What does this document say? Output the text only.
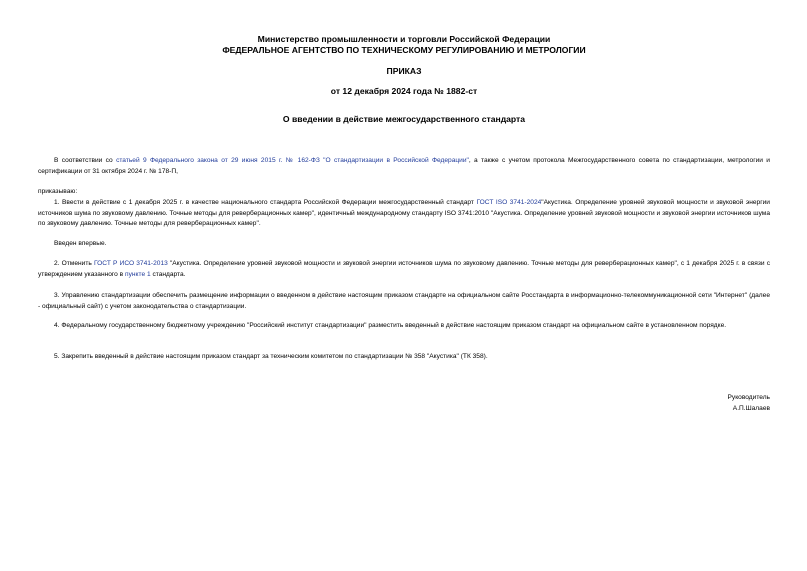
Министерство промышленности и торговли Российской Федерации

ФЕДЕРАЛЬНОЕ АГЕНТСТВО ПО ТЕХНИЧЕСКОМУ РЕГУЛИРОВАНИЮ И МЕТРОЛОГИИ

ПРИКАЗ

от 12 декабря 2024 года № 1882-ст

О введении в действие межгосударственного стандарта

В соответствии со статьей 9 Федерального закона от 29 июня 2015 г. № 162-ФЗ "О стандартизации в Российской Федерации", а также с учетом протокола Межгосударственного совета по стандартизации, метрологии и сертификации от 31 октября 2024 г. № 178-П,

приказываю:

1. Ввести в действие с 1 декабря 2025 г. в качестве национального стандарта Российской Федерации межгосударственный стандарт ГОСТ ISO 3741-2024"Акустика. Определение уровней звуковой мощности и звуковой энергии источников шума по звуковому давлению. Точные методы для реверберационных камер", идентичный международному стандарту ISO 3741:2010 "Акустика. Определение уровней звуковой мощности и звуковой энергии источников шума по звуковому давлению. Точные методы для реверберационных камер".

Введен впервые.

2. Отменить ГОСТ Р ИСО 3741-2013 "Акустика. Определение уровней звуковой мощности и звуковой энергии источников шума по звуковому давлению. Точные методы для реверберационных камер", с 1 декабря 2025 г. в связи с утверждением указанного в пункте 1 стандарта.

3. Управлению стандартизации обеспечить размещение информации о введенном в действие настоящим приказом стандарте на официальном сайте Росстандарта в информационно-телекоммуникационной сети "Интернет" (далее - официальный сайт) с учетом законодательства о стандартизации.

4. Федеральному государственному бюджетному учреждению "Российский институт стандартизации" разместить введенный в действие настоящим приказом стандарт на официальном сайте в установленном порядке.

5. Закрепить введенный в действие настоящим приказом стандарт за техническим комитетом по стандартизации № 358 "Акустика" (ТК 358).

Руководитель

А.П.Шалаев
